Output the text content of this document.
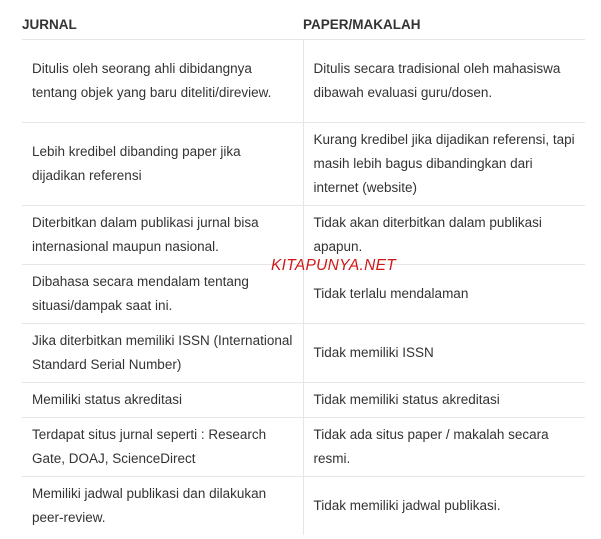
JURNAL	PAPER/MAKALAH
Ditulis oleh seorang ahli dibidangnya tentang objek yang baru diteliti/direview.	Ditulis secara tradisional oleh mahasiswa dibawah evaluasi guru/dosen.
Lebih kredibel dibanding paper jika dijadikan referensi	Kurang kredibel jika dijadikan referensi, tapi masih lebih bagus dibandingkan dari internet (website)
Diterbitkan dalam publikasi jurnal bisa internasional maupun nasional.	Tidak akan diterbitkan dalam publikasi apapun.
Dibahasa secara mendalam tentang situasi/dampak saat ini.	Tidak terlalu mendalaman
Jika diterbitkan memiliki ISSN (International Standard Serial Number)	Tidak memiliki ISSN
Memiliki status akreditasi	Tidak memiliki status akreditasi
Terdapat situs jurnal seperti : Research Gate, DOAJ, ScienceDirect	Tidak ada situs paper / makalah secara resmi.
Memiliki jadwal publikasi dan dilakukan peer-review.	Tidak memiliki jadwal publikasi.
KITAPUNYA.NET
